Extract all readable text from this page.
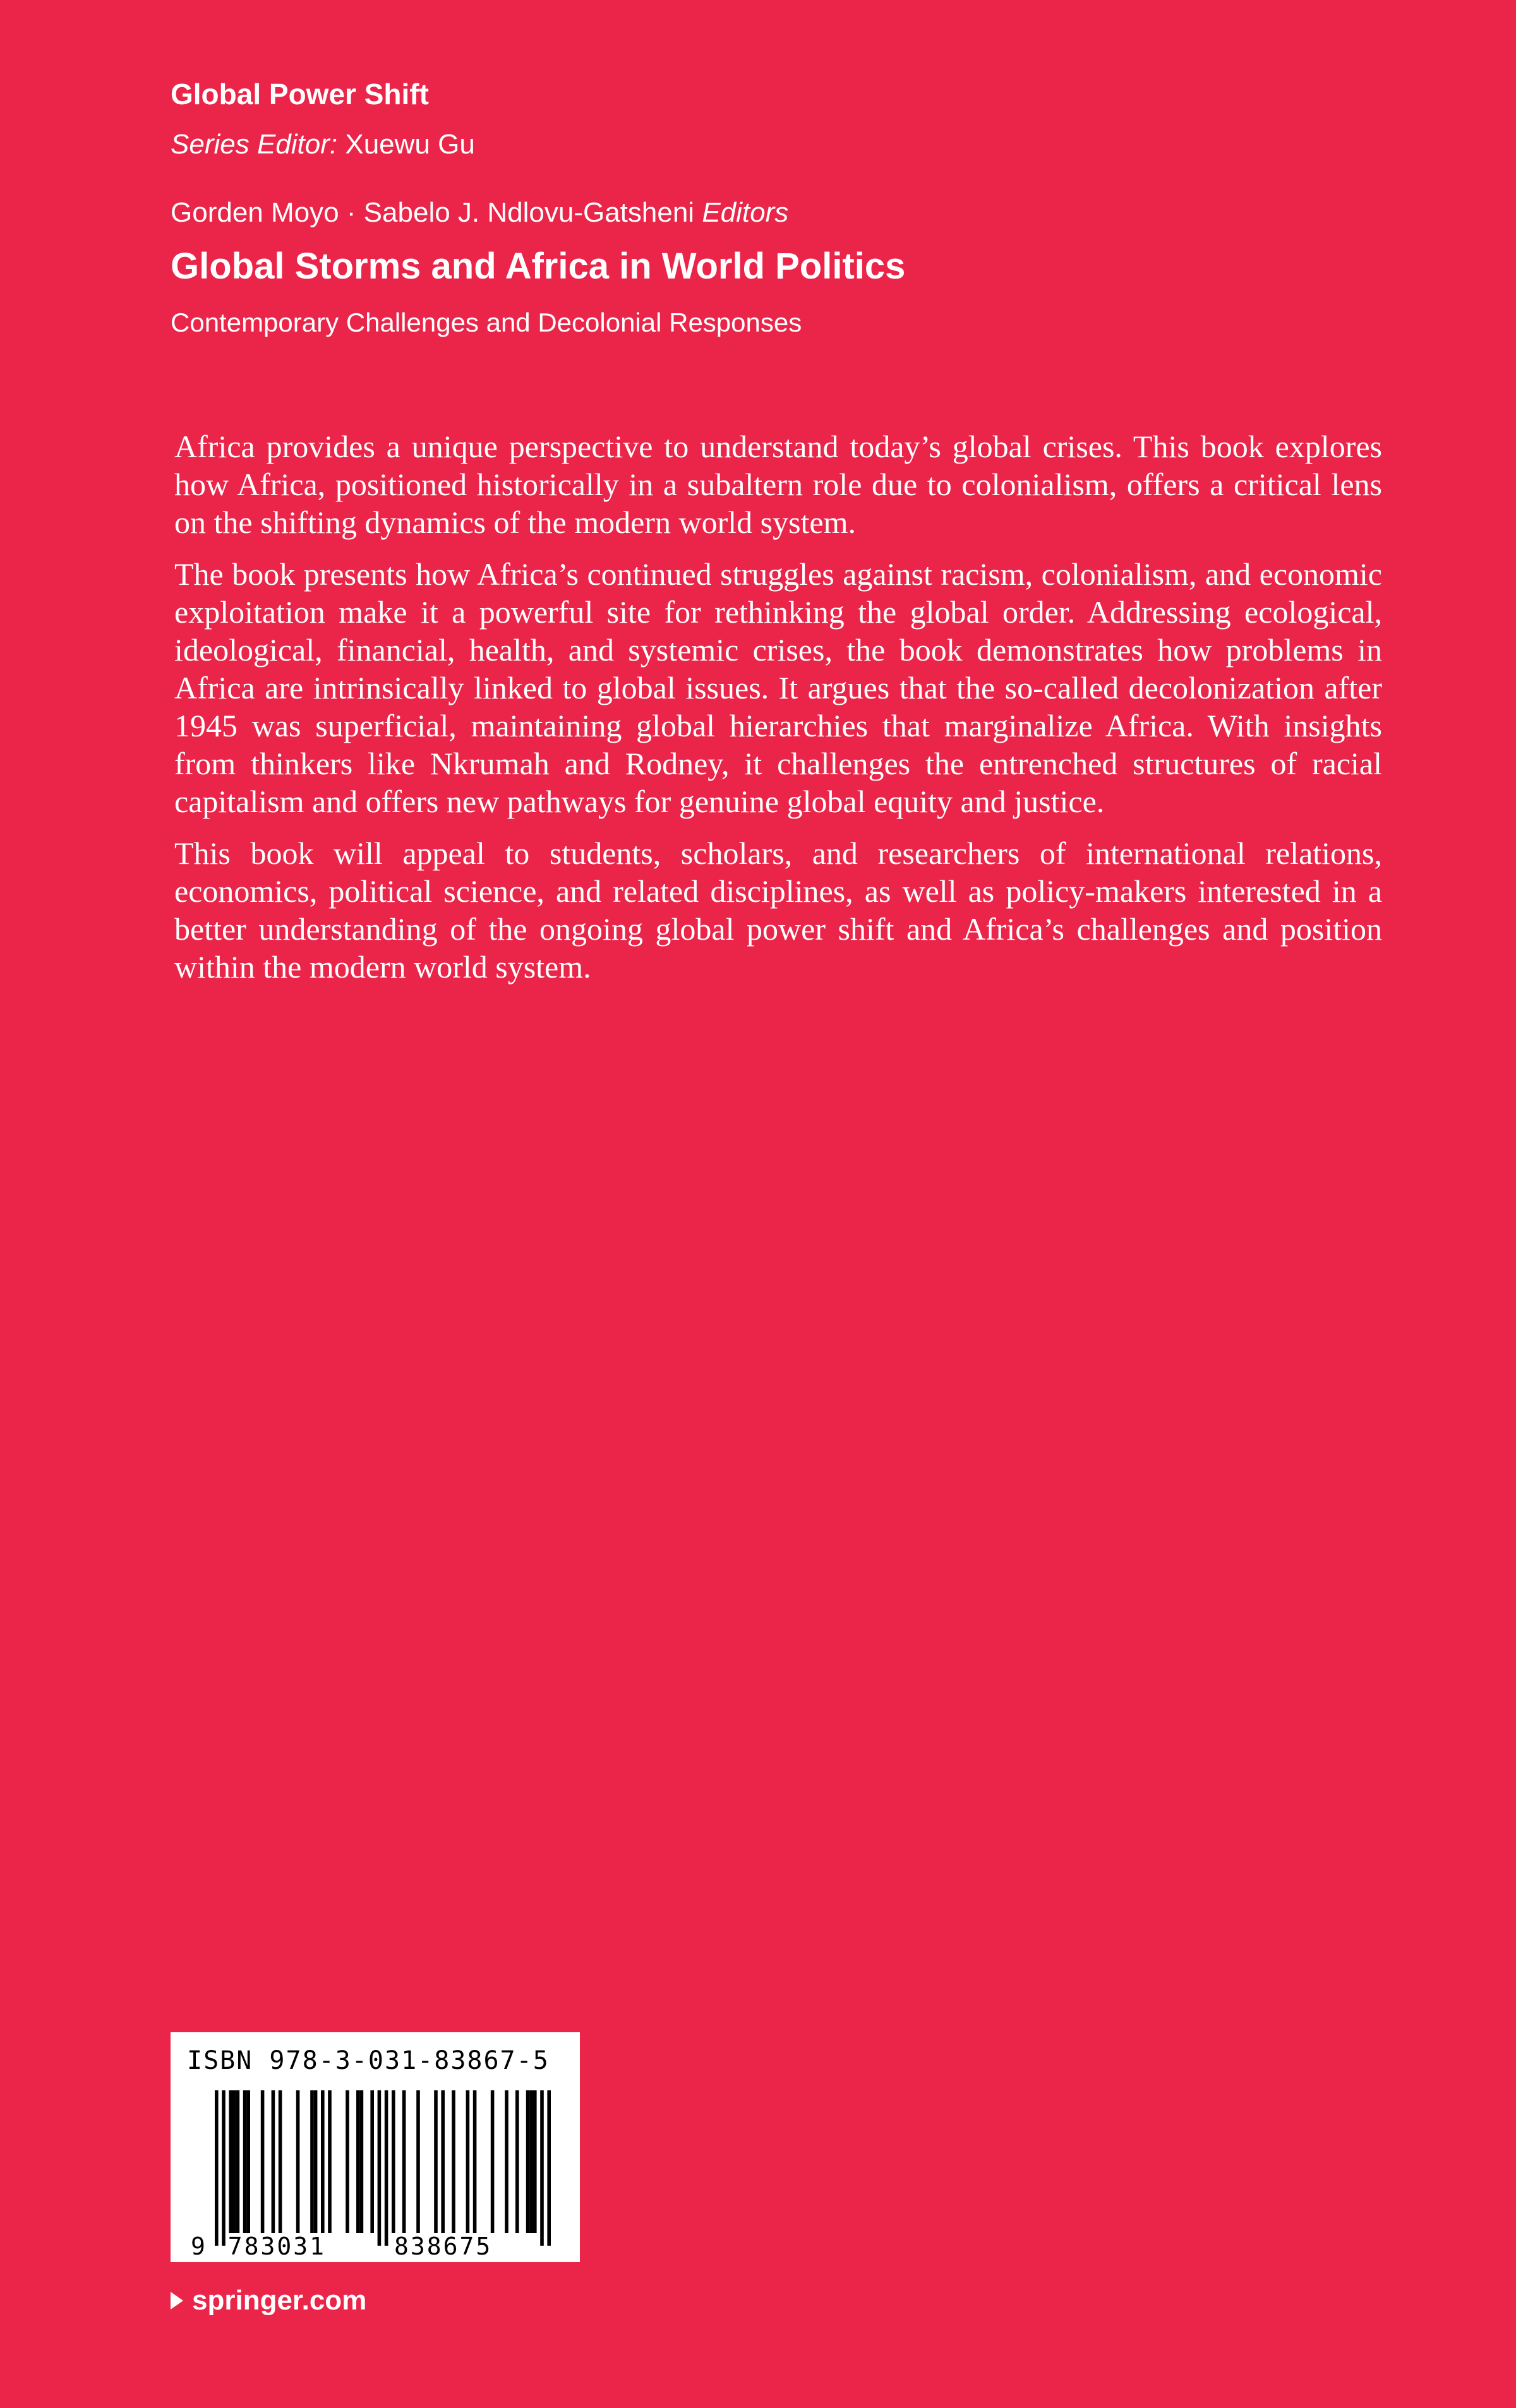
Global Power Shift
Series Editor: Xuewu Gu
Gorden Moyo · Sabelo J. Ndlovu-Gatsheni Editors
Global Storms and Africa in World Politics
Contemporary Challenges and Decolonial Responses

Africa provides a unique perspective to understand today’s global crises. This book explores how Africa, positioned historically in a subaltern role due to colonialism, offers a critical lens on the shifting dynamics of the modern world system.

The book presents how Africa’s continued struggles against racism, colonialism, and economic exploitation make it a powerful site for rethinking the global order. Addressing ecological, ideological, financial, health, and systemic crises, the book demonstrates how problems in Africa are intrinsically linked to global issues. It argues that the so-called decolonization after 1945 was superficial, maintaining global hierarchies that marginalize Africa. With insights from thinkers like Nkrumah and Rodney, it challenges the entrenched structures of racial capitalism and offers new pathways for genuine global equity and justice.

This book will appeal to students, scholars, and researchers of international relations, economics, political science, and related disciplines, as well as policy-makers interested in a better understanding of the ongoing global power shift and Africa’s challenges and position within the modern world system.

ISBN 978-3-031-83867-5
9 783031	838675
springer.com
